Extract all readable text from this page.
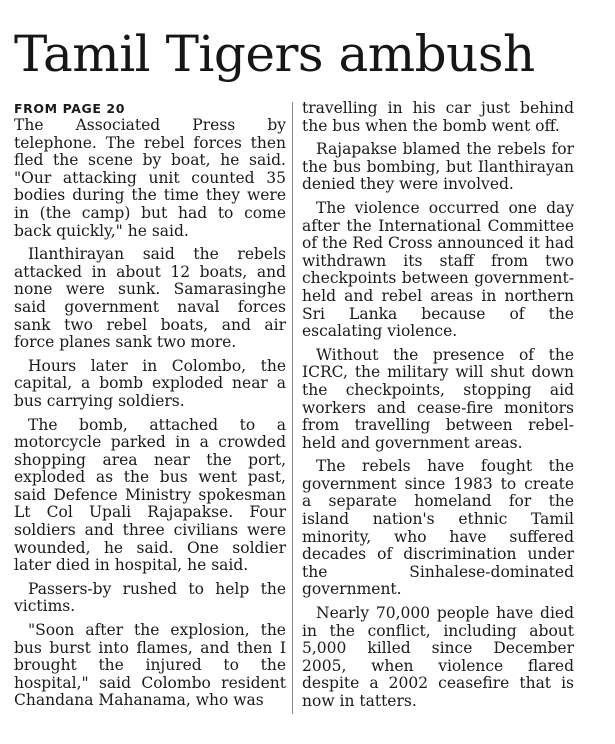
Tamil Tigers ambush

FROM PAGE 20

The Associated Press by telephone. The rebel forces then fled the scene by boat, he said. "Our attacking unit counted 35 bodies during the time they were in (the camp) but had to come back quickly," he said.

Ilanthirayan said the rebels attacked in about 12 boats, and none were sunk. Samarasinghe said government naval forces sank two rebel boats, and air force planes sank two more.

Hours later in Colombo, the capital, a bomb exploded near a bus carrying soldiers.

The bomb, attached to a motorcycle parked in a crowded shopping area near the port, exploded as the bus went past, said Defence Ministry spokesman Lt Col Upali Rajapakse. Four soldiers and three civilians were wounded, he said. One soldier later died in hospital, he said.

Passers-by rushed to help the victims.

"Soon after the explosion, the bus burst into flames, and then I brought the injured to the hospital," said Colombo resident Chandana Mahanama, who was

travelling in his car just behind the bus when the bomb went off.

Rajapakse blamed the rebels for the bus bombing, but Ilanthirayan denied they were involved.

The violence occurred one day after the International Committee of the Red Cross announced it had withdrawn its staff from two checkpoints between government-held and rebel areas in northern Sri Lanka because of the escalating violence.

Without the presence of the ICRC, the military will shut down the checkpoints, stopping aid workers and cease-fire monitors from travelling between rebel-held and government areas.

The rebels have fought the government since 1983 to create a separate homeland for the island nation's ethnic Tamil minority, who have suffered decades of discrimination under the Sinhalese-dominated government.

Nearly 70,000 people have died in the conflict, including about 5,000 killed since December 2005, when violence flared despite a 2002 ceasefire that is now in tatters.
